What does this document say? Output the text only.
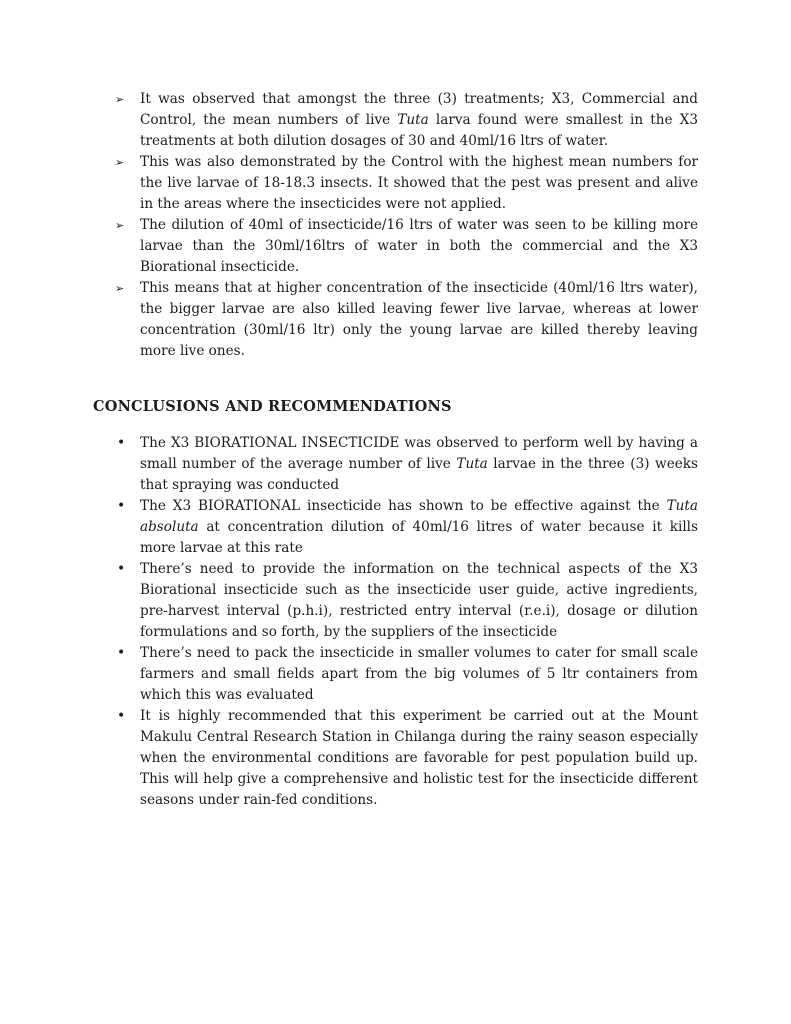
➢ It was observed that amongst the three (3) treatments; X3, Commercial and Control, the mean numbers of live Tuta larva found were smallest in the X3 treatments at both dilution dosages of 30 and 40ml/16 ltrs of water.
➢ This was also demonstrated by the Control with the highest mean numbers for the live larvae of 18-18.3 insects. It showed that the pest was present and alive in the areas where the insecticides were not applied.
➢ The dilution of 40ml of insecticide/16 ltrs of water was seen to be killing more larvae than the 30ml/16ltrs of water in both the commercial and the X3 Biorational insecticide.
➢ This means that at higher concentration of the insecticide (40ml/16 ltrs water), the bigger larvae are also killed leaving fewer live larvae, whereas at lower concentration (30ml/16 ltr) only the young larvae are killed thereby leaving more live ones.
CONCLUSIONS AND RECOMMENDATIONS
• The X3 BIORATIONAL INSECTICIDE was observed to perform well by having a small number of the average number of live Tuta larvae in the three (3) weeks that spraying was conducted
• The X3 BIORATIONAL insecticide has shown to be effective against the Tuta absoluta at concentration dilution of 40ml/16 litres of water because it kills more larvae at this rate
• There’s need to provide the information on the technical aspects of the X3 Biorational insecticide such as the insecticide user guide, active ingredients, pre-harvest interval (p.h.i), restricted entry interval (r.e.i), dosage or dilution formulations and so forth, by the suppliers of the insecticide
• There’s need to pack the insecticide in smaller volumes to cater for small scale farmers and small fields apart from the big volumes of 5 ltr containers from which this was evaluated
• It is highly recommended that this experiment be carried out at the Mount Makulu Central Research Station in Chilanga during the rainy season especially when the environmental conditions are favorable for pest population build up. This will help give a comprehensive and holistic test for the insecticide different seasons under rain-fed conditions.
